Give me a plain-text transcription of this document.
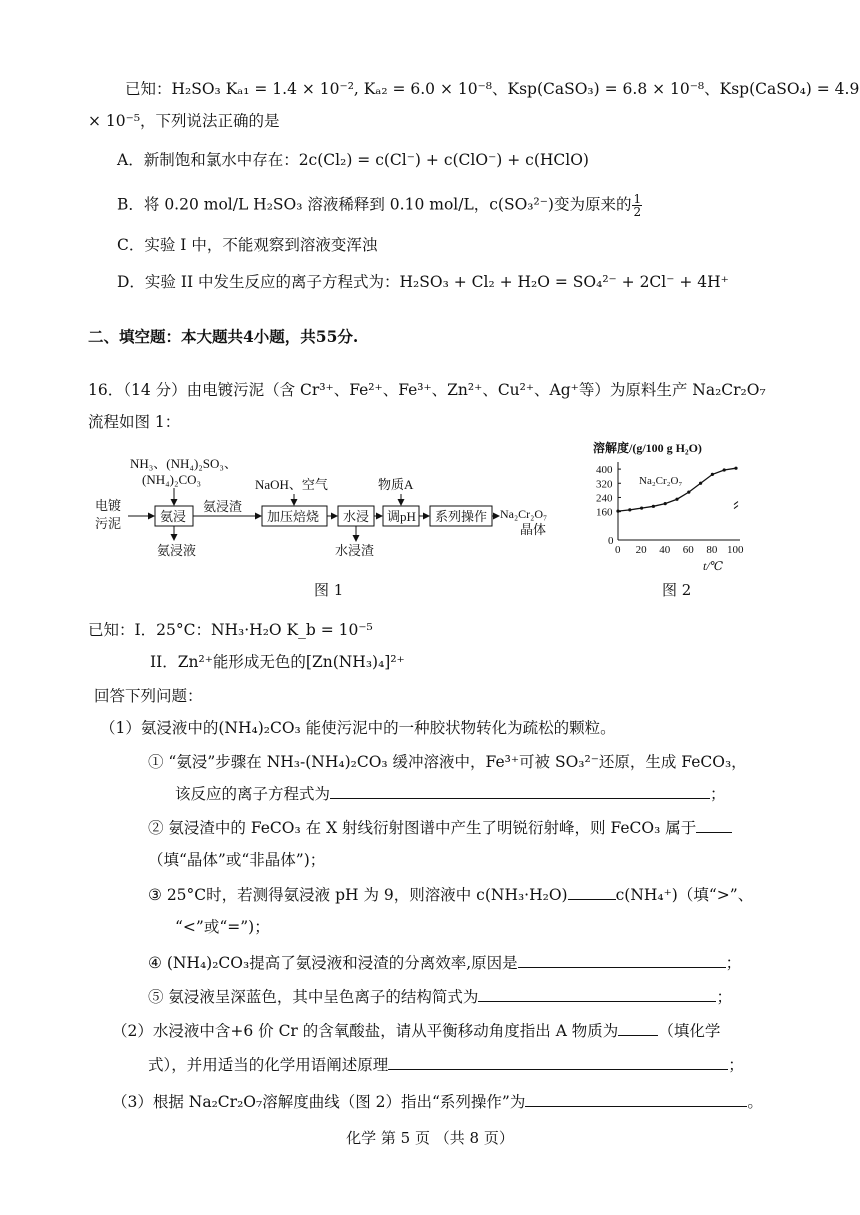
已知：H₂SO₃ Kₐ₁ = 1.4 × 10⁻², Kₐ₂ = 6.0 × 10⁻⁸、Ksp(CaSO₃) = 6.8 × 10⁻⁸、Ksp(CaSO₄) = 4.9
× 10⁻⁵，下列说法正确的是
A．新制饱和氯水中存在：2c(Cl₂) = c(Cl⁻) + c(ClO⁻) + c(HClO)
B．将 0.20 mol/L H₂SO₃ 溶液稀释到 0.10 mol/L，c(SO₃²⁻)变为原来的 $\frac{1}{2}$
C．实验 I 中，不能观察到溶液变浑浊
D．实验 II 中发生反应的离子方程式为：H₂SO₃ + Cl₂ + H₂O = SO₄²⁻ + 2Cl⁻ + 4H⁺
二、填空题：本大题共4小题，共55分.
16．（14 分）由电镀污泥（含 Cr³⁺、Fe²⁺、Fe³⁺、Zn²⁺、Cu²⁺、Ag⁺等）为原料生产 Na₂Cr₂O₇
流程如图 1：
NH₃、(NH₄)₂SO₃、
(NH₄)₂CO₃
电镀
污泥	氨浸
氨浸液
氨浸渣
NaOH、空气
加压焙烧 水浸
水浸渣
物质A
调pH 系列操作 Na₂Cr₂O₇
晶体
图 1
溶解度/(g/100 g H₂O)
Na₂Cr₂O₇
t/℃
0 20 40 60 80 100
400
320
240
160
0
图 2
已知：I．25°C：NH₃·H₂O K_b = 10⁻⁵
II．Zn²⁺能形成无色的[Zn(NH₃)₄]²⁺
回答下列问题：
（1）氨浸液中的(NH₄)₂CO₃ 能使污泥中的一种胶状物转化为疏松的颗粒。
① “氨浸”步骤在 NH₃-(NH₄)₂CO₃ 缓冲溶液中，Fe³⁺可被 SO₃²⁻还原，生成 FeCO₃，
该反应的离子方程式为	；
② 氨浸渣中的 FeCO₃ 在 X 射线衍射图谱中产生了明锐衍射峰，则 FeCO₃ 属于
（填“晶体”或“非晶体”)；
③ 25°C时，若测得氨浸液 pH 为 9，则溶液中 c(NH₃·H₂O)	c(NH₄⁺)（填“>”、
“<”或“=”)；
④ (NH₄)₂CO₃提高了氨浸液和浸渣的分离效率,原因是	；
⑤ 氨浸液呈深蓝色，其中呈色离子的结构简式为	；
（2）水浸液中含+6 价 Cr 的含氧酸盐，请从平衡移动角度指出 A 物质为	（填化学
式），并用适当的化学用语阐述原理	；
（3）根据 Na₂Cr₂O₇溶解度曲线（图 2）指出“系列操作”为	。
化学 第 5 页 （共 8 页）
